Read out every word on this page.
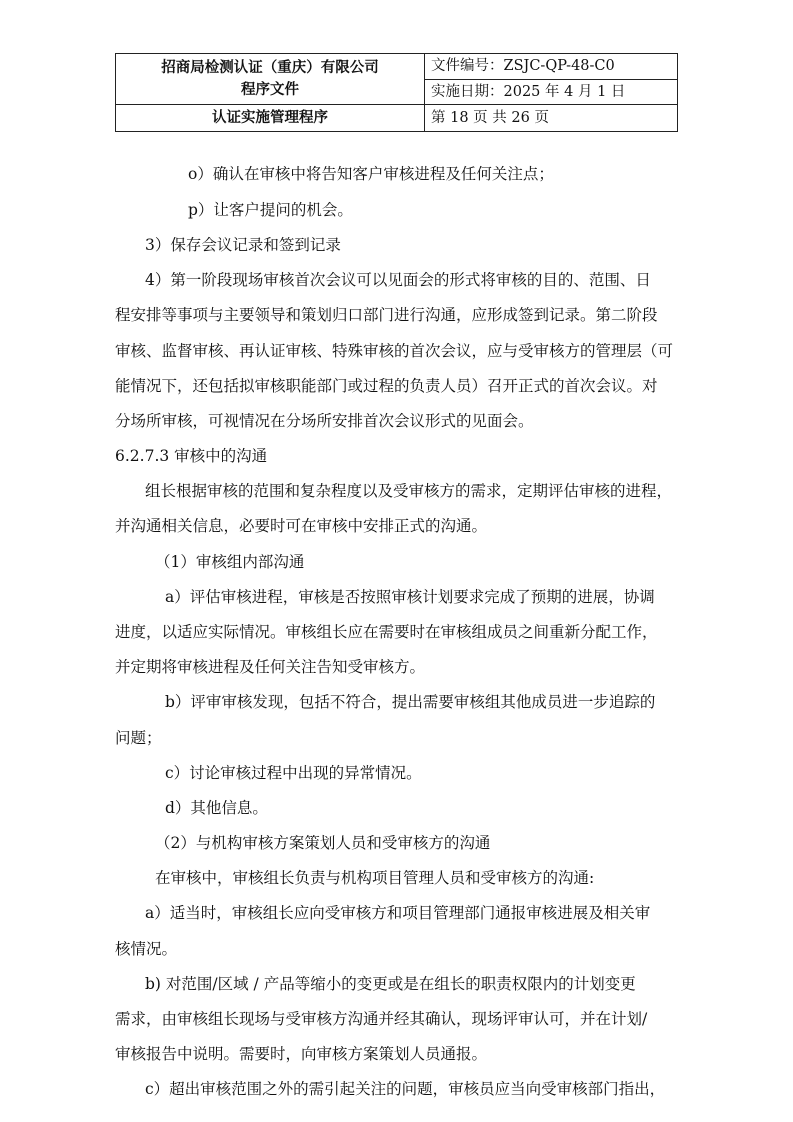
招商局检测认证（重庆）有限公司
程序文件	文件编号：ZSJC-QP-48-C0
	实施日期：2025 年 4 月 1 日
认证实施管理程序	第 18 页 共 26 页
o）确认在审核中将告知客户审核进程及任何关注点；
p）让客户提问的机会。
3）保存会议记录和签到记录
4）第一阶段现场审核首次会议可以见面会的形式将审核的目的、范围、日
程安排等事项与主要领导和策划归口部门进行沟通，应形成签到记录。第二阶段
审核、监督审核、再认证审核、特殊审核的首次会议，应与受审核方的管理层（可
能情况下，还包括拟审核职能部门或过程的负责人员）召开正式的首次会议。对
分场所审核，可视情况在分场所安排首次会议形式的见面会。
6.2.7.3 审核中的沟通
组长根据审核的范围和复杂程度以及受审核方的需求，定期评估审核的进程，
并沟通相关信息，必要时可在审核中安排正式的沟通。
（1）审核组内部沟通
a）评估审核进程，审核是否按照审核计划要求完成了预期的进展，协调
进度，以适应实际情况。审核组长应在需要时在审核组成员之间重新分配工作，
并定期将审核进程及任何关注告知受审核方。
b）评审审核发现，包括不符合，提出需要审核组其他成员进一步追踪的
问题；
c）讨论审核过程中出现的异常情况。
d）其他信息。
（2）与机构审核方案策划人员和受审核方的沟通
在审核中，审核组长负责与机构项目管理人员和受审核方的沟通:
a）适当时，审核组长应向受审核方和项目管理部门通报审核进展及相关审
核情况。
b) 对范围/区域 / 产品等缩小的变更或是在组长的职责权限内的计划变更
需求，由审核组长现场与受审核方沟通并经其确认，现场评审认可，并在计划/
审核报告中说明。需要时，向审核方案策划人员通报。
c）超出审核范围之外的需引起关注的问题，审核员应当向受审核部门指出，
